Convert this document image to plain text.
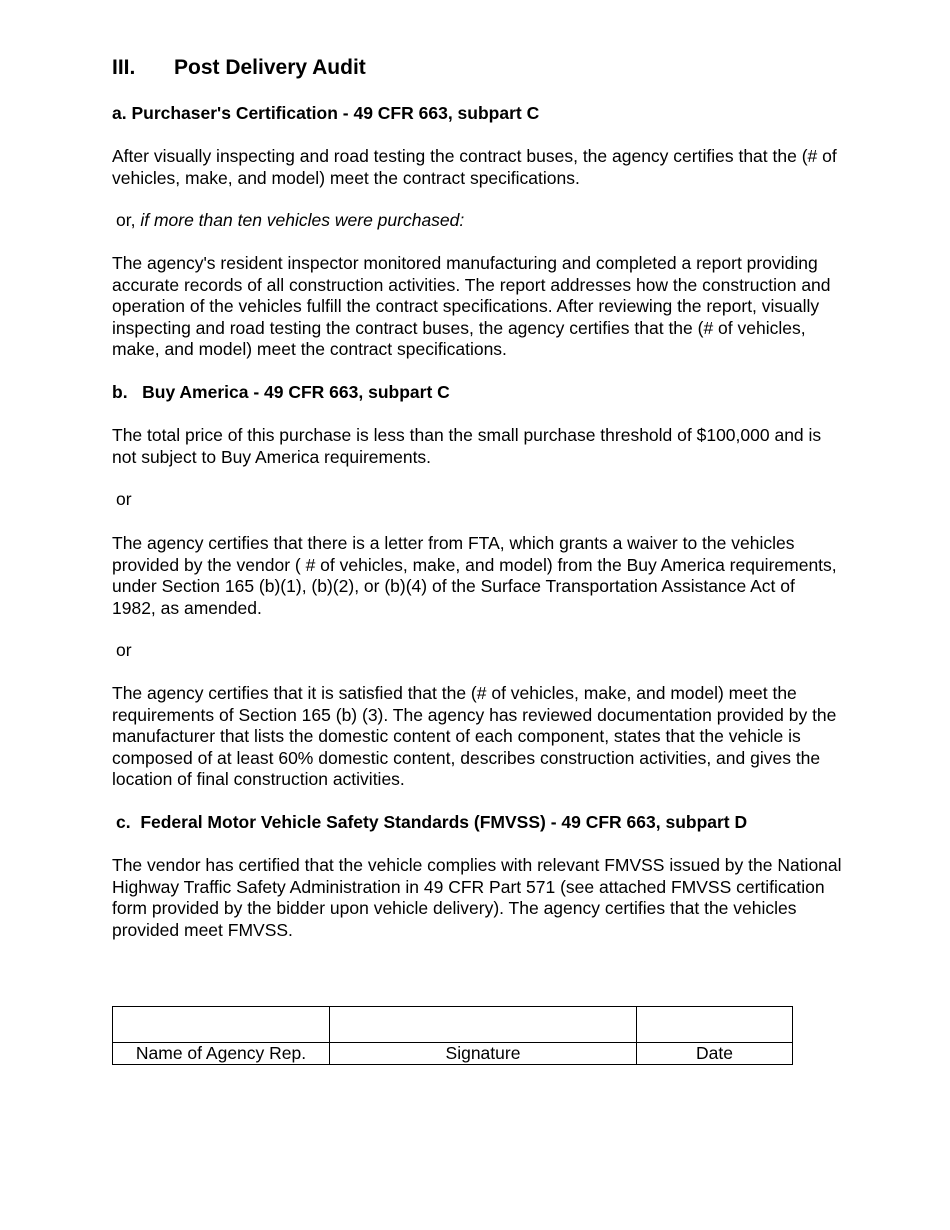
III. Post Delivery Audit
a. Purchaser's Certification - 49 CFR 663, subpart C

After visually inspecting and road testing the contract buses, the agency certifies that the (# of vehicles, make, and model) meet the contract specifications.

or, if more than ten vehicles were purchased:

The agency's resident inspector monitored manufacturing and completed a report providing accurate records of all construction activities. The report addresses how the construction and operation of the vehicles fulfill the contract specifications. After reviewing the report, visually inspecting and road testing the contract buses, the agency certifies that the (# of vehicles, make, and model) meet the contract specifications.

b.   Buy America - 49 CFR 663, subpart C

The total price of this purchase is less than the small purchase threshold of $100,000 and is not subject to Buy America requirements.

or

The agency certifies that there is a letter from FTA, which grants a waiver to the vehicles provided by the vendor ( # of vehicles, make, and model) from the Buy America requirements, under Section 165 (b)(1), (b)(2), or (b)(4) of the Surface Transportation Assistance Act of 1982, as amended.

or

The agency certifies that it is satisfied that the (# of vehicles, make, and model) meet the requirements of Section 165 (b) (3). The agency has reviewed documentation provided by the manufacturer that lists the domestic content of each component, states that the vehicle is composed of at least 60% domestic content, describes construction activities, and gives the location of final construction activities.

c.  Federal Motor Vehicle Safety Standards (FMVSS) - 49 CFR 663, subpart D

The vendor has certified that the vehicle complies with relevant FMVSS issued by the National Highway Traffic Safety Administration in 49 CFR Part 571 (see attached FMVSS certification form provided by the bidder upon vehicle delivery). The agency certifies that the vehicles provided meet FMVSS.

Name of Agency Rep.	Signature	Date
